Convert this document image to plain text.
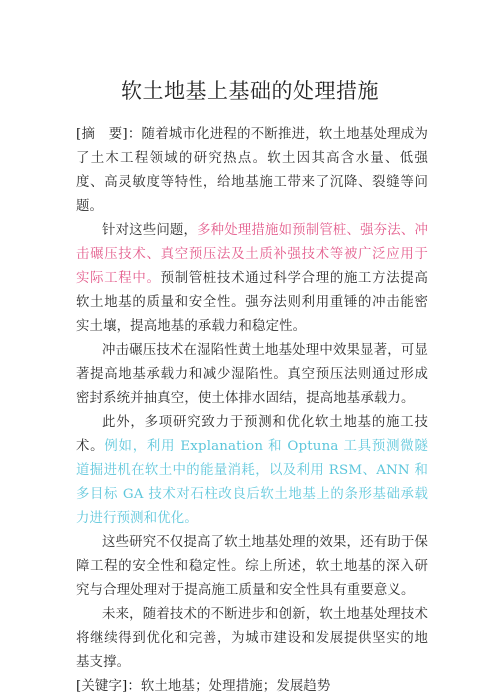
软土地基上基础的处理措施

[摘　要]：随着城市化进程的不断推进，软土地基处理成为了土木工程领域的研究热点。软土因其高含水量、低强度、高灵敏度等特性，给地基施工带来了沉降、裂缝等问题。

针对这些问题，多种处理措施如预制管桩、强夯法、冲击碾压技术、真空预压法及土质补强技术等被广泛应用于实际工程中。预制管桩技术通过科学合理的施工方法提高软土地基的质量和安全性。强夯法则利用重锤的冲击能密实土壤，提高地基的承载力和稳定性。

冲击碾压技术在湿陷性黄土地基处理中效果显著，可显著提高地基承载力和减少湿陷性。真空预压法则通过形成密封系统并抽真空，使土体排水固结，提高地基承载力。

此外，多项研究致力于预测和优化软土地基的施工技术。例如，利用 Explanation 和 Optuna 工具预测微隧道掘进机在软土中的能量消耗，以及利用 RSM、ANN 和多目标 GA 技术对石柱改良后软土地基上的条形基础承载力进行预测和优化。

这些研究不仅提高了软土地基处理的效果，还有助于保障工程的安全性和稳定性。综上所述，软土地基的深入研究与合理处理对于提高施工质量和安全性具有重要意义。

未来，随着技术的不断进步和创新，软土地基处理技术将继续得到优化和完善，为城市建设和发展提供坚实的地基支撑。

[关键字]：软土地基；处理措施；发展趋势
